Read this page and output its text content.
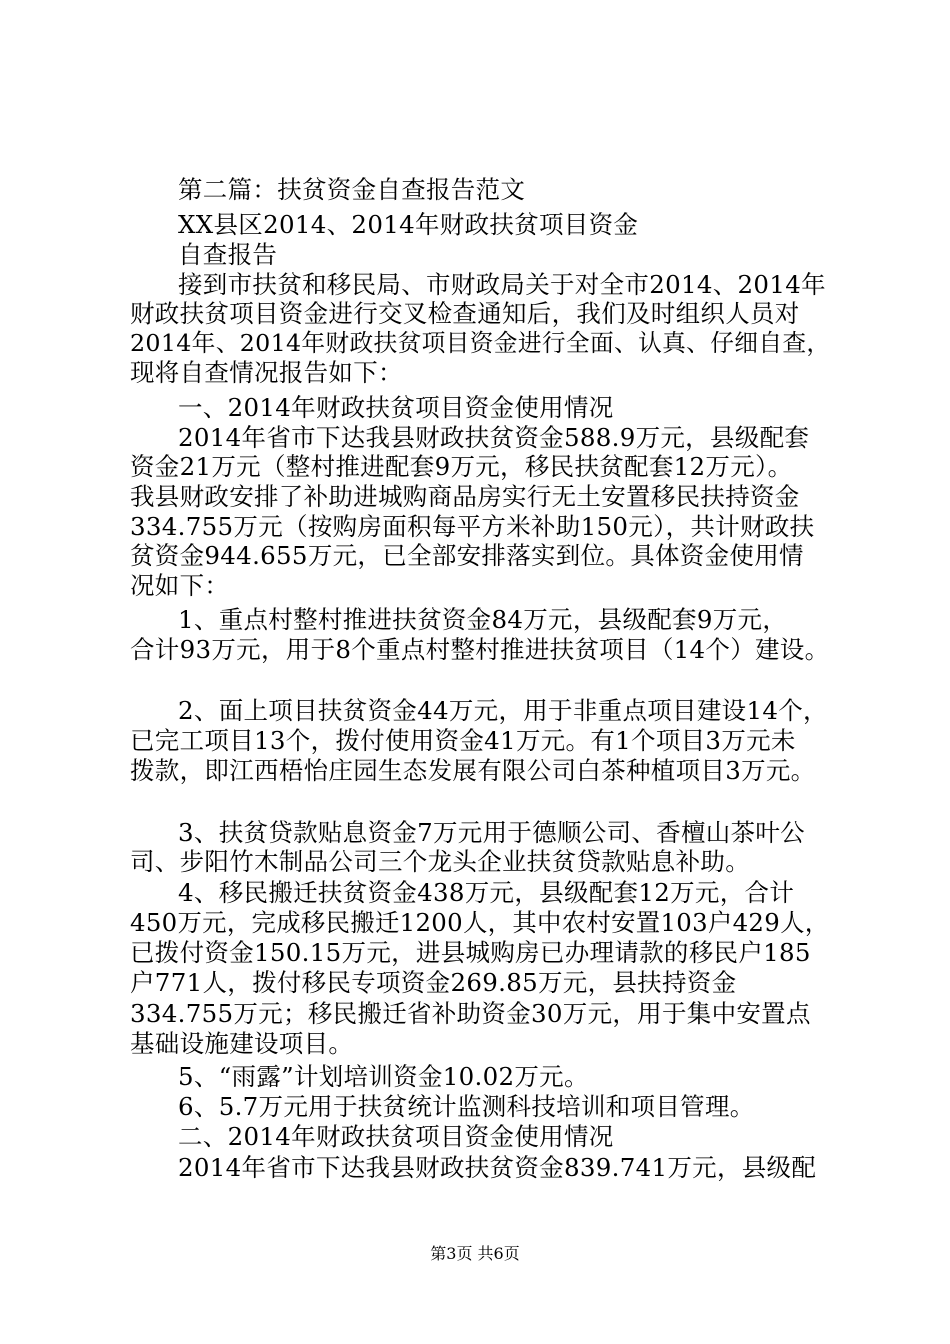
第二篇：扶贫资金自查报告范文
XX县区2014、2014年财政扶贫项目资金
自查报告
接到市扶贫和移民局、市财政局关于对全市2014、2014年
财政扶贫项目资金进行交叉检查通知后，我们及时组织人员对
2014年、2014年财政扶贫项目资金进行全面、认真、仔细自查，
现将自查情况报告如下：
一、2014年财政扶贫项目资金使用情况
2014年省市下达我县财政扶贫资金588.9万元，县级配套
资金21万元（整村推进配套9万元，移民扶贫配套12万元）。
我县财政安排了补助进城购商品房实行无土安置移民扶持资金
334.755万元（按购房面积每平方米补助150元），共计财政扶
贫资金944.655万元，已全部安排落实到位。具体资金使用情
况如下：
1、重点村整村推进扶贫资金84万元，县级配套9万元，
合计93万元，用于8个重点村整村推进扶贫项目（14个）建设。
2、面上项目扶贫资金44万元，用于非重点项目建设14个，
已完工项目13个，拨付使用资金41万元。有1个项目3万元未
拨款，即江西梧怡庄园生态发展有限公司白茶种植项目3万元。
3、扶贫贷款贴息资金7万元用于德顺公司、香檀山茶叶公
司、步阳竹木制品公司三个龙头企业扶贫贷款贴息补助。
4、移民搬迁扶贫资金438万元，县级配套12万元，合计
450万元，完成移民搬迁1200人，其中农村安置103户429人，
已拨付资金150.15万元，进县城购房已办理请款的移民户185
户771人，拨付移民专项资金269.85万元，县扶持资金
334.755万元；移民搬迁省补助资金30万元，用于集中安置点
基础设施建设项目。
5、“雨露”计划培训资金10.02万元。
6、5.7万元用于扶贫统计监测科技培训和项目管理。
二、2014年财政扶贫项目资金使用情况
2014年省市下达我县财政扶贫资金839.741万元，县级配
第3页 共6页
